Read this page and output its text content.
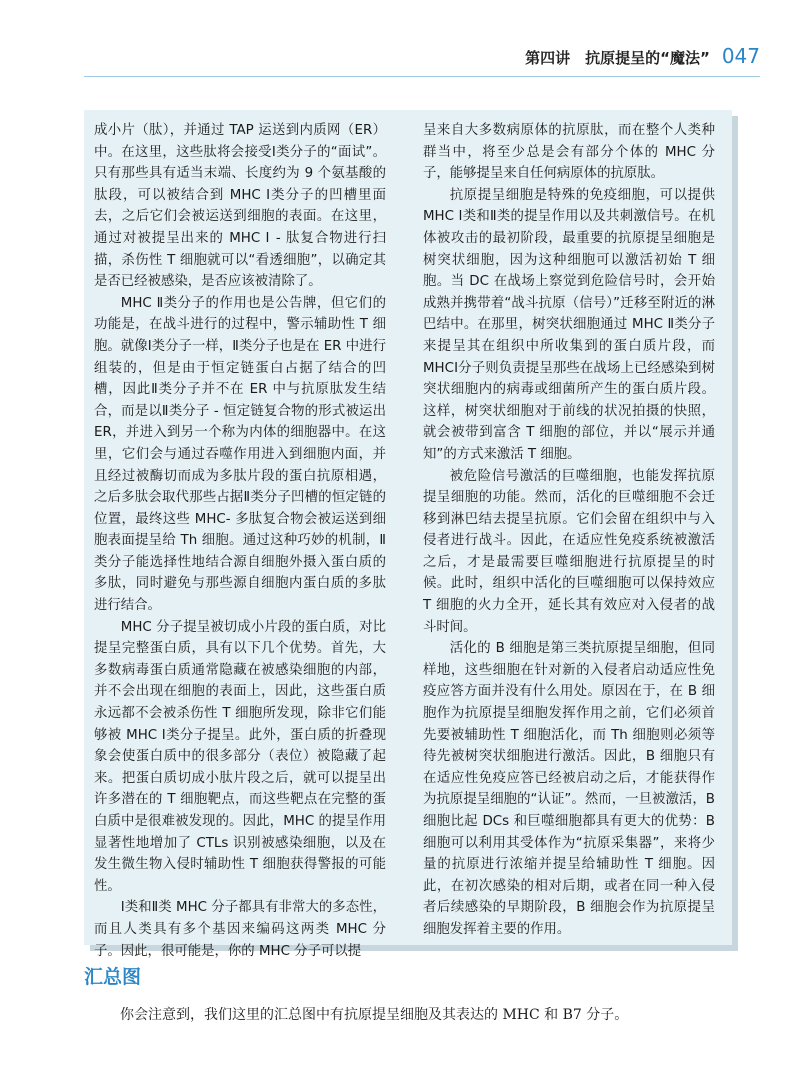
第四讲　抗原提呈的“魔法” 047

成小片（肽），并通过 TAP 运送到内质网（ER）中。在这里，这些肽将会接受Ⅰ类分子的“面试”。只有那些具有适当末端、长度约为 9 个氨基酸的肽段，可以被结合到 MHC Ⅰ类分子的凹槽里面去，之后它们会被运送到细胞的表面。在这里，通过对被提呈出来的 MHC Ⅰ - 肽复合物进行扫描，杀伤性 T 细胞就可以“看透细胞”，以确定其是否已经被感染，是否应该被清除了。

MHC Ⅱ类分子的作用也是公告牌，但它们的功能是，在战斗进行的过程中，警示辅助性 T 细胞。就像Ⅰ类分子一样，Ⅱ类分子也是在 ER 中进行组装的，但是由于恒定链蛋白占据了结合的凹槽，因此Ⅱ类分子并不在 ER 中与抗原肽发生结合，而是以Ⅱ类分子 - 恒定链复合物的形式被运出 ER，并进入到另一个称为内体的细胞器中。在这里，它们会与通过吞噬作用进入到细胞内面，并且经过被酶切而成为多肽片段的蛋白抗原相遇，之后多肽会取代那些占据Ⅱ类分子凹槽的恒定链的位置，最终这些 MHC- 多肽复合物会被运送到细胞表面提呈给 Th 细胞。通过这种巧妙的机制，Ⅱ类分子能选择性地结合源自细胞外摄入蛋白质的多肽，同时避免与那些源自细胞内蛋白质的多肽进行结合。

MHC 分子提呈被切成小片段的蛋白质，对比提呈完整蛋白质，具有以下几个优势。首先，大多数病毒蛋白质通常隐藏在被感染细胞的内部，并不会出现在细胞的表面上，因此，这些蛋白质永远都不会被杀伤性 T 细胞所发现，除非它们能够被 MHC Ⅰ类分子提呈。此外，蛋白质的折叠现象会使蛋白质中的很多部分（表位）被隐藏了起来。把蛋白质切成小肽片段之后，就可以提呈出许多潜在的 T 细胞靶点，而这些靶点在完整的蛋白质中是很难被发现的。因此，MHC 的提呈作用显著性地增加了 CTLs 识别被感染细胞，以及在发生微生物入侵时辅助性 T 细胞获得警报的可能性。

Ⅰ类和Ⅱ类 MHC 分子都具有非常大的多态性，而且人类具有多个基因来编码这两类 MHC 分子。因此，很可能是，你的 MHC 分子可以提

呈来自大多数病原体的抗原肽，而在整个人类种群当中，将至少总是会有部分个体的 MHC 分子，能够提呈来自任何病原体的抗原肽。

抗原提呈细胞是特殊的免疫细胞，可以提供 MHC Ⅰ类和Ⅱ类的提呈作用以及共刺激信号。在机体被攻击的最初阶段，最重要的抗原提呈细胞是树突状细胞，因为这种细胞可以激活初始 T 细胞。当 DC 在战场上察觉到危险信号时，会开始成熟并携带着“战斗抗原（信号）”迁移至附近的淋巴结中。在那里，树突状细胞通过 MHC Ⅱ类分子来提呈其在组织中所收集到的蛋白质片段，而 MHCⅠ分子则负责提呈那些在战场上已经感染到树突状细胞内的病毒或细菌所产生的蛋白质片段。这样，树突状细胞对于前线的状况拍摄的快照，就会被带到富含 T 细胞的部位，并以“展示并通知”的方式来激活 T 细胞。

被危险信号激活的巨噬细胞，也能发挥抗原提呈细胞的功能。然而，活化的巨噬细胞不会迁移到淋巴结去提呈抗原。它们会留在组织中与入侵者进行战斗。因此，在适应性免疫系统被激活之后，才是最需要巨噬细胞进行抗原提呈的时候。此时，组织中活化的巨噬细胞可以保持效应 T 细胞的火力全开，延长其有效应对入侵者的战斗时间。

活化的 B 细胞是第三类抗原提呈细胞，但同样地，这些细胞在针对新的入侵者启动适应性免疫应答方面并没有什么用处。原因在于，在 B 细胞作为抗原提呈细胞发挥作用之前，它们必须首先要被辅助性 T 细胞活化，而 Th 细胞则必须等待先被树突状细胞进行激活。因此，B 细胞只有在适应性免疫应答已经被启动之后，才能获得作为抗原提呈细胞的“认证”。然而，一旦被激活，B 细胞比起 DCs 和巨噬细胞都具有更大的优势：B 细胞可以利用其受体作为“抗原采集器”，来将少量的抗原进行浓缩并提呈给辅助性 T 细胞。因此，在初次感染的相对后期，或者在同一种入侵者后续感染的早期阶段，B 细胞会作为抗原提呈细胞发挥着主要的作用。

汇总图
你会注意到，我们这里的汇总图中有抗原提呈细胞及其表达的 MHC 和 B7 分子。
